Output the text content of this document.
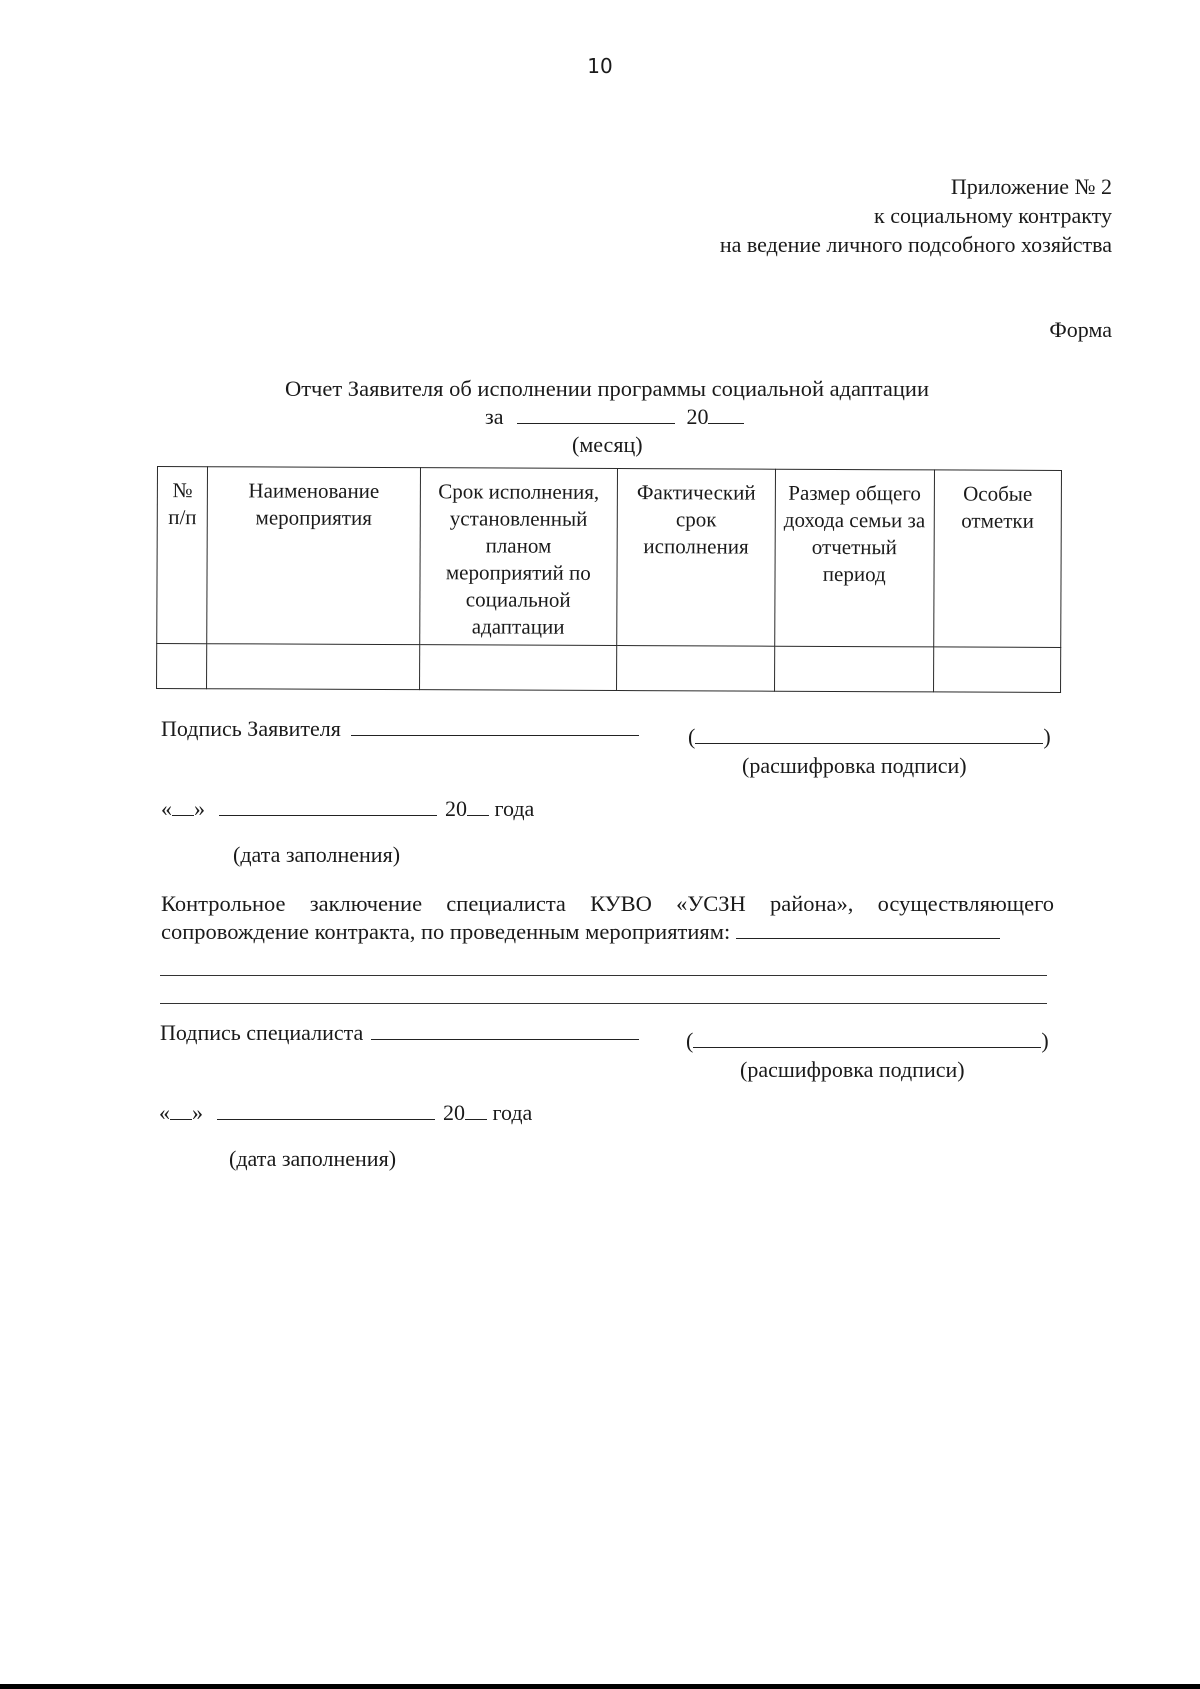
10
Приложение № 2
к социальному контракту
на ведение личного подсобного хозяйства
Форма
Отчет Заявителя об исполнении программы социальной адаптации
за	20
(месяц)
№ п/п	Наименование мероприятия	Срок исполнения, установленный планом мероприятий по социальной адаптации	Фактический срок исполнения	Размер общего дохода семьи за отчетный период	Особые отметки

Подпись Заявителя	(	)
(расшифровка подписи)
« »	20 года
(дата заполнения)
Контрольное заключение специалиста КУВО «УСЗН района», осуществляющего сопровождение контракта, по проведенным мероприятиям:
Подпись специалиста	(	)
(расшифровка подписи)
« »	20 года
(дата заполнения)
